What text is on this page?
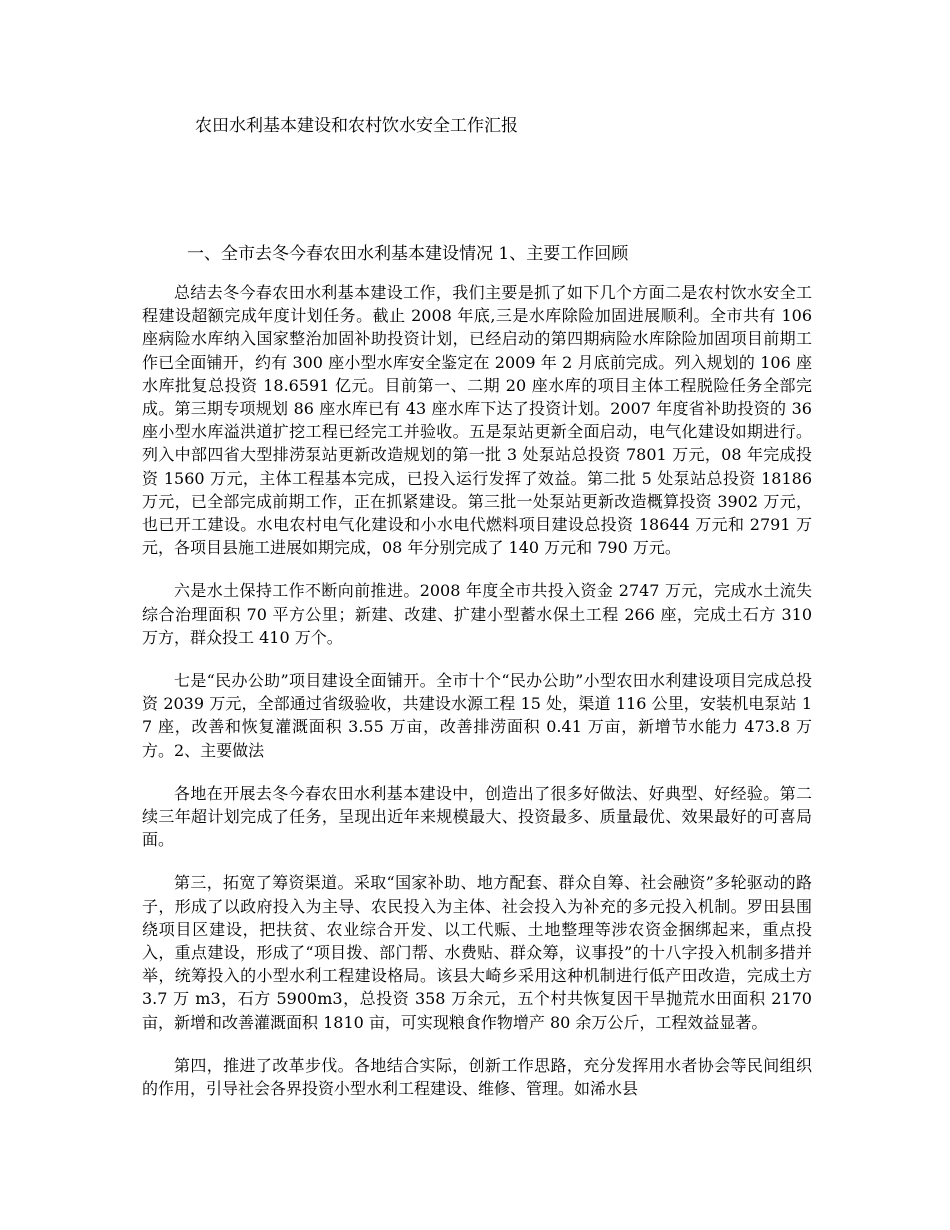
农田水利基本建设和农村饮水安全工作汇报
一、全市去冬今春农田水利基本建设情况 1、主要工作回顾

总结去冬今春农田水利基本建设工作，我们主要是抓了如下几个方面二是农村饮水安全工程建设超额完成年度计划任务。截止 2008 年底,三是水库除险加固进展顺利。全市共有 106 座病险水库纳入国家整治加固补助投资计划，已经启动的第四期病险水库除险加固项目前期工作已全面铺开，约有 300 座小型水库安全鉴定在 2009 年 2 月底前完成。列入规划的 106 座水库批复总投资 18.6591 亿元。目前第一、二期 20 座水库的项目主体工程脱险任务全部完成。第三期专项规划 86 座水库已有 43 座水库下达了投资计划。2007 年度省补助投资的 36 座小型水库溢洪道扩挖工程已经完工并验收。五是泵站更新全面启动，电气化建设如期进行。列入中部四省大型排涝泵站更新改造规划的第一批 3 处泵站总投资 7801 万元，08 年完成投资 1560 万元，主体工程基本完成，已投入运行发挥了效益。第二批 5 处泵站总投资 18186 万元，已全部完成前期工作，正在抓紧建设。第三批一处泵站更新改造概算投资 3902 万元，也已开工建设。水电农村电气化建设和小水电代燃料项目建设总投资 18644 万元和 2791 万元，各项目县施工进展如期完成，08 年分别完成了 140 万元和 790 万元。

六是水土保持工作不断向前推进。2008 年度全市共投入资金 2747 万元，完成水土流失综合治理面积 70 平方公里；新建、改建、扩建小型蓄水保土工程 266 座，完成土石方 310 万方，群众投工 410 万个。

七是“民办公助”项目建设全面铺开。全市十个“民办公助”小型农田水利建设项目完成总投资 2039 万元，全部通过省级验收，共建设水源工程 15 处，渠道 116 公里，安装机电泵站 17 座，改善和恢复灌溉面积 3.55 万亩，改善排涝面积 0.41 万亩，新增节水能力 473.8 万方。2、主要做法

各地在开展去冬今春农田水利基本建设中，创造出了很多好做法、好典型、好经验。第二续三年超计划完成了任务，呈现出近年来规模最大、投资最多、质量最优、效果最好的可喜局面。

第三，拓宽了筹资渠道。采取“国家补助、地方配套、群众自筹、社会融资”多轮驱动的路子，形成了以政府投入为主导、农民投入为主体、社会投入为补充的多元投入机制。罗田县围绕项目区建设，把扶贫、农业综合开发、以工代赈、土地整理等涉农资金捆绑起来，重点投入，重点建设，形成了“项目拨、部门帮、水费贴、群众筹，议事投”的十八字投入机制多措并举，统筹投入的小型水利工程建设格局。该县大崎乡采用这种机制进行低产田改造，完成土方 3.7 万 m3，石方 5900m3，总投资 358 万余元，五个村共恢复因干旱抛荒水田面积 2170 亩，新增和改善灌溉面积 1810 亩，可实现粮食作物增产 80 余万公斤，工程效益显著。

第四，推进了改革步伐。各地结合实际，创新工作思路，充分发挥用水者协会等民间组织的作用，引导社会各界投资小型水利工程建设、维修、管理。如浠水县
